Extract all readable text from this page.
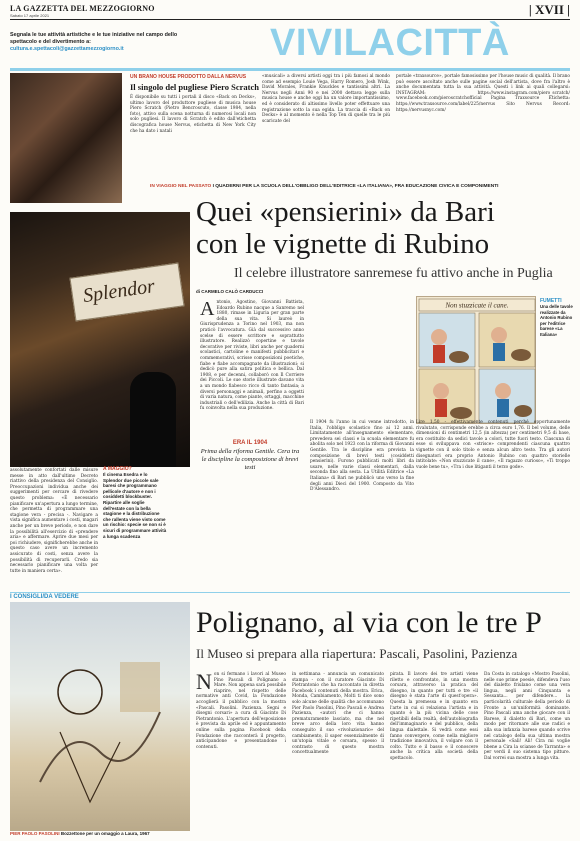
LA GAZZETTA DEL MEZZOGIORNO
Sabato 17 aprile 2021	| XVII |
Segnala le tue attività artistiche e le tue iniziative nel campo dello spettacolo e del divertimento a: cultura.e.spettacoli@gazzettamezzogiorno.it	VIVILACITTÀ
UN BRANO HOUSE PRODOTTO DALLA NERVUS
Il singolo del pugliese Piero Scratch
È disponibile su tutti i portali il disco «Back on Decks», ultimo lavoro del produttore pugliese di musica house Piero Scratch (Pietro Bencroscuto, classe 1984, nella foto), attivo sulla scena notturna di numerosi locali non solo pugliesi. Il lavoro di Scratch è edito dall'etichetta discografica house Nervus, etichetta di New York City che ha dato i natali
«musicali» a diversi artisti oggi tra i più famosi al mondo come ad esempio Louie Vega, Harry Romero, Josh Wink, David Morales, Frankie Knuckles e tantissimi altri. La Nervus negli Anni 90 e nei 2000 dettava legge sulla musica house e anche oggi ha un valore importantissimo, ed è considerato di altissimo livello poter effettuare una registrazione sotto la sua egida. La traccia di «Back on Decks» è al momento è nella Top Ten di quelle tra le più scaricate del
portale «traxsource», portale famosissimo per l'house music di qualità. Il brano può essere ascoltato anche sulle pagine social dell'artista, dove fra l'altro è anche documentata tutta la sua attività. Questi i link ai quali collegarsi: INSTAGRAM: https://www.instagram.com/piero_scratch/ www.facebook.com/pieroscratchofficial Pagina Traxsource Etichetta: https://www.traxsource.com/label/225/nervus Sito Nervus Record: https://nervusnyc.com/
IN VIAGGIO NEL PASSATO I QUADERNI PER LA SCUOLA DELL'OBBLIGO DELL'EDITRICE «LA ITALIANA», FRA EDUCAZIONE CIVICA E COMPONIMENTI
Quei «pensierini» da Bari
con le vignette di Rubino
Il celebre illustratore sanremese fu attivo anche in Puglia
di CARMELO CALÒ CARDUCCI
Splendor
assolutamente confortati dalle misure messe in atto dall'ultimo Decreto riattivo della presidenza del Consiglio. Preoccupazioni individua anche dei suggerimenti per cercare di rivedere questo problema: «È necessario pianificare un'apertura a lungo termine, che permetta di programmare una stagione vera - precisa -. Navigare a vista significa aumentare i costi, magari anche per un breve periodo, e non dare la possibilità all'esercizio di «prendere aria» e affermare. Aprire due mesi per poi richiudere, significherebbe anche in questo caso avere un incremento assicurato di costi, senza avere la possibilità di recuperarli. Credo sia necessario pianificare una volta per tutte in maniera certa».
A MAGGIO?
Il cinema Esedra e lo Splendor due piccole sale baresi che programmano pellicole d'autore e non i cosiddetti blockbuster. Ripartire alle soglie dell'estate con la bella stagione e la distribuzione che rallenta viene visto come un rischio: specie se non si è sicuri di programmare attività a lunga scadenza
A ntonio, Agostino, Giovanni Battista, Edoardo Rubino nacque a Sanremo nel 1880, rimase in Liguria per gran parte della sua vita. Si laureò in Giurisprudenza a Torino nel 1903, ma non praticò l'avvocatura. Già dal successivo anno scelse di essere scrittore e soprattutto illustratore. Realizzò copertine e tavole decorative per riviste, libri anche per quaderni scolastici, cartoline e manifesti pubblicitari e commemorativi, scrisse composizioni poetiche, fiabe e fiabe accompagnate da illustrazioni; si dedicò pure alla satira politica e bellica. Dal 1908, e per decenni, collaborò con Il Corriere dei Piccoli. Le sue storie illustrate davano vita a un mondo fiabesco ricco di tanto fantasia; a diversi personaggi e animali, perfino a oggetti di varia natura, come piante, ortaggi, macchine industriali o dell'edilizia. Anche la città di Bari fu coinvolta nella sua produzione.
ERA IL 1904
Prima della riforma Gentile. Cera tra le discipline la composizione di brevi testi
Il 1904 fu l'anno in cui venne introdotto, in Italia, l'obbligo scolastico fino ai 12 anni. Limitatamente all'insegnamento elementare, prevedeva sei classi e la scuola elementare fu abolita solo nel 1923 con la riforma di Giovanni Gentile. Tra le discipline era prevista la composizione di brevi testi (cosiddetti pensierini). Furono pubblicati molti libri da usare, nelle varie classi elementari, dalla seconda fino alla sesta. La Utilità Editrice «La Italiana» di Bari ne pubblicò uno verso la fine degli anni Dieci del 1900. Composto da Vito D'Alessandro.
Non stuzzicate il cane.
FUMETTI
Una delle tavole realizzate da Antonio Rubino per l'editrice barese «La Italiana»
Lire 1,50 - effettivamente contenuti perché opportunamente rivalutato, corrisponde erebbe a circa euro 1,76. Il bel volume, delle dimensioni di centimetri 12,5 (in altezza) per centimetri 9,5 di base, era costituito da sedici tavole a colori, tutte fuori testo. Ciascuna di esse si sviluppava con «strisce» comprendenti ciascuna quattro vignette con il solo titolo e senza alcun altro testo. Tra gli autori disegnatori era proprio Antonio Rubino con quattro storielle intitolate: «Non stuzzicate il cane», «Il ragazzo curioso», «Ti troppo vuole bene tu», «Tra i due litiganti il terzo gode».
I CONSIGLI/DA VEDERE
PIER PAOLO PASOLINI Bozzettone per un omaggio a Laura, 1967
Polignano, al via con le tre P
Il Museo si prepara alla riapertura: Pascali, Pasolini, Pazienza
N on si fermano i lavori al Museo Pino Pascali di Polignano a Mare. Non appena sarà possibile riaprire, nel rispetto delle normative anti Covid, la Fondazione accoglierà il pubblico con la mostra «Pascali. Pasolini. Pazienza. Segni e disegni corsari» a cura di Giacinto Di Pietrantonio. L'apertura dell'esposizione è prevista da aprile ed è appuntamento online sulla pagina Facebook della Fondazione che racconterà il progetto, anticipandone e presentandone i contenuti.
in settimana - annuncia un comunicato stampa - con il curatore Giacinto Di Pietrantonio che ha raccontato in diretta Facebook i contenuti della mostra. Erica, Monda, Cambiamento, Molti ti dice sono solo alcune delle qualità che accomunano Pier Paolo Pasolini, Pino Pascali e Andrea Pazienza, «autori che ci hanno prematuramente lasciato, ma che nel breve arco della loro vita hanno conseguito il suo «rivoluzionario» del cambiamento, il saper essenzialmente di un'utopia vitale e corsara, spesso il contrasto di questo mostra concettualmente
pirata. Il lavoro dei tre artisti viene riletto e confrontato, in una mostra corsara, attraverso la pratica del disegno, in quanto per tutti e tre «il disegno è stata l'arte di quest'opera». Questa la premessa e in quanto era l'arte in cui si relaziona l'artista e in quanto è la più vicina delle cose ripetibili della realtà, dell'autobiografia dell'immaginario e del pubblico, della lingua dialettale. Si vedrà come essi fanno convergere, come nella migliore tradizione innovativa, il volgare con il colto. Tutto e il basso e il conoscere anche la critica alla società della spettacolo.
Da Costa in catalogo «Mostro Pasolini, nelle sue prime poesie, difendeva l'uso del dialetto friulano come una vera lingua, negli anni Cinquanta e Sessanta... per difendere... la particolarità culturale della periodo di Fronte a un'uniformità dominante. Pino Pascali ama anche giocare con il Barese, il dialetto di Bari, come un modo per ritornare alle sue radici e alla sua infanzia barese quando scrive nel catalogo della sua ultima mostra personale «Sali! Ali! Cira mi voglie bbene a Cira la scianse de Tarranta» e per verdi il suo sistema tipo pitture. Dal vorrei sua mostra a lunga vita.
